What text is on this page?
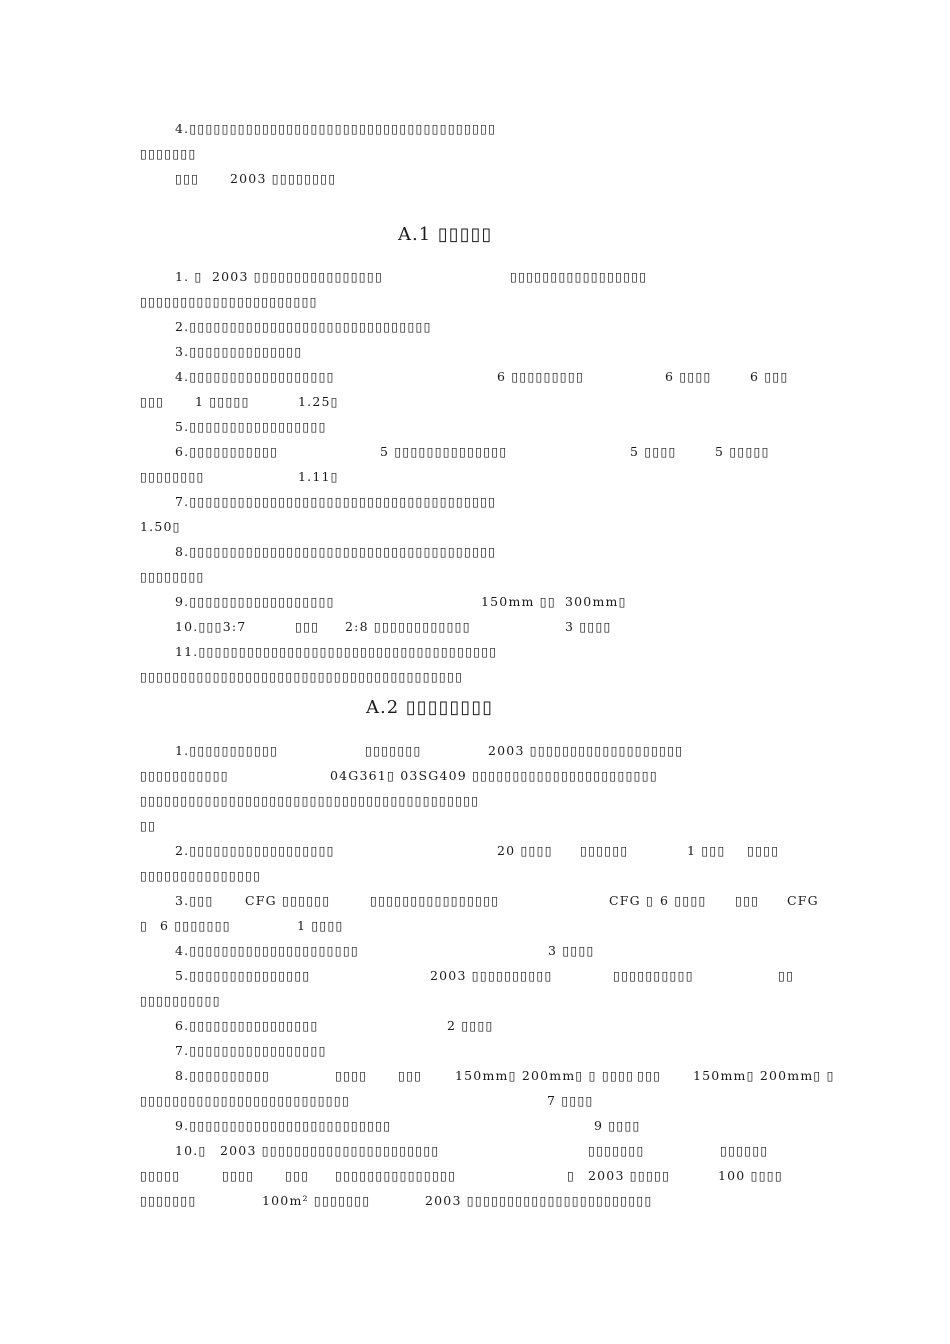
4.▯▯▯▯▯▯▯▯▯▯▯▯▯▯▯▯▯▯▯▯▯▯▯▯▯▯▯▯▯▯▯▯▯▯▯▯▯▯
▯▯▯▯▯▯▯
▯▯▯ 2003 ▯▯▯▯▯▯▯▯
A.1 ▯▯▯▯▯
1. ▯ 2003 ▯▯▯▯▯▯▯▯▯▯▯▯▯▯▯▯	▯▯▯▯▯▯▯▯▯▯▯▯▯▯▯▯▯
▯▯▯▯▯▯▯▯▯▯▯▯▯▯▯▯▯▯▯▯▯▯
2.▯▯▯▯▯▯▯▯▯▯▯▯▯▯▯▯▯▯▯▯▯▯▯▯▯▯▯▯▯▯
3.▯▯▯▯▯▯▯▯▯▯▯▯▯▯
4.▯▯▯▯▯▯▯▯▯▯▯▯▯▯▯▯▯▯	6 ▯▯▯▯▯▯▯▯▯	6 ▯▯▯▯	6 ▯▯▯
▯▯▯ 1 ▯▯▯▯▯	1.25▯
5.▯▯▯▯▯▯▯▯▯▯▯▯▯▯▯▯▯
6.▯▯▯▯▯▯▯▯▯▯▯	5 ▯▯▯▯▯▯▯▯▯▯▯▯▯▯	5 ▯▯▯▯	5 ▯▯▯▯▯
▯▯▯▯▯▯▯▯	1.11▯
7.▯▯▯▯▯▯▯▯▯▯▯▯▯▯▯▯▯▯▯▯▯▯▯▯▯▯▯▯▯▯▯▯▯▯▯▯▯▯
1.50▯
8.▯▯▯▯▯▯▯▯▯▯▯▯▯▯▯▯▯▯▯▯▯▯▯▯▯▯▯▯▯▯▯▯▯▯▯▯▯▯
▯▯▯▯▯▯▯▯
9.▯▯▯▯▯▯▯▯▯▯▯▯▯▯▯▯▯▯	150mm ▯▯ 300mm▯
10.▯▯▯3:7	▯▯▯ 2:8 ▯▯▯▯▯▯▯▯▯▯▯▯	3 ▯▯▯▯
11.▯▯▯▯▯▯▯▯▯▯▯▯▯▯▯▯▯▯▯▯▯▯▯▯▯▯▯▯▯▯▯▯▯▯▯▯▯
▯▯▯▯▯▯▯▯▯▯▯▯▯▯▯▯▯▯▯▯▯▯▯▯▯▯▯▯▯▯▯▯▯▯▯▯▯▯▯▯
A.2 ▯▯▯▯▯▯▯▯
1.▯▯▯▯▯▯▯▯▯▯▯	▯▯▯▯▯▯▯	2003 ▯▯▯▯▯▯▯▯▯▯▯▯▯▯▯▯▯▯▯
▯▯▯▯▯▯▯▯▯▯▯	04G361▯ 03SG409 ▯▯▯▯▯▯▯▯▯▯▯▯▯▯▯▯▯▯▯▯▯▯▯
▯▯▯▯▯▯▯▯▯▯▯▯▯▯▯▯▯▯▯▯▯▯▯▯▯▯▯▯▯▯▯▯▯▯▯▯▯▯▯▯▯▯
▯▯
2.▯▯▯▯▯▯▯▯▯▯▯▯▯▯▯▯▯▯	20 ▯▯▯▯ ▯▯▯▯▯▯	1 ▯▯▯ ▯▯▯▯
▯▯▯▯▯▯▯▯▯▯▯▯▯▯▯
3.▯▯▯	CFG ▯▯▯▯▯▯	▯▯▯▯▯▯▯▯▯▯▯▯▯▯▯▯	CFG ▯ 6 ▯▯▯▯ ▯▯▯ CFG
▯ 6 ▯▯▯▯▯▯▯	1 ▯▯▯▯
4.▯▯▯▯▯▯▯▯▯▯▯▯▯▯▯▯▯▯▯▯▯	3 ▯▯▯▯
5.▯▯▯▯▯▯▯▯▯▯▯▯▯▯▯	2003 ▯▯▯▯▯▯▯▯▯▯	▯▯▯▯▯▯▯▯▯▯	▯▯
▯▯▯▯▯▯▯▯▯▯
6.▯▯▯▯▯▯▯▯▯▯▯▯▯▯▯▯	2 ▯▯▯▯
7.▯▯▯▯▯▯▯▯▯▯▯▯▯▯▯▯▯
8.▯▯▯▯▯▯▯▯▯▯	▯▯▯▯ ▯▯▯	150mm▯ 200mm▯ ▯ ▯▯▯▯ ▯▯▯	150mm▯ 200mm▯ ▯
▯▯▯▯▯▯▯▯▯▯▯▯▯▯▯▯▯▯▯▯▯▯▯▯▯▯	7 ▯▯▯▯
9.▯▯▯▯▯▯▯▯▯▯▯▯▯▯▯▯▯▯▯▯▯▯▯▯▯	9 ▯▯▯▯
10.▯ 2003 ▯▯▯▯▯▯▯▯▯▯▯▯▯▯▯▯▯▯▯▯▯▯	▯▯▯▯▯▯▯	▯▯▯▯▯▯
▯▯▯▯▯	▯▯▯▯ ▯▯▯ ▯▯▯▯▯▯▯▯▯▯▯▯▯▯▯	▯ 2003 ▯▯▯▯▯	100 ▯▯▯▯
▯▯▯▯▯▯▯	100m² ▯▯▯▯▯▯▯	2003 ▯▯▯▯▯▯▯▯▯▯▯▯▯▯▯▯▯▯▯▯▯▯▯
